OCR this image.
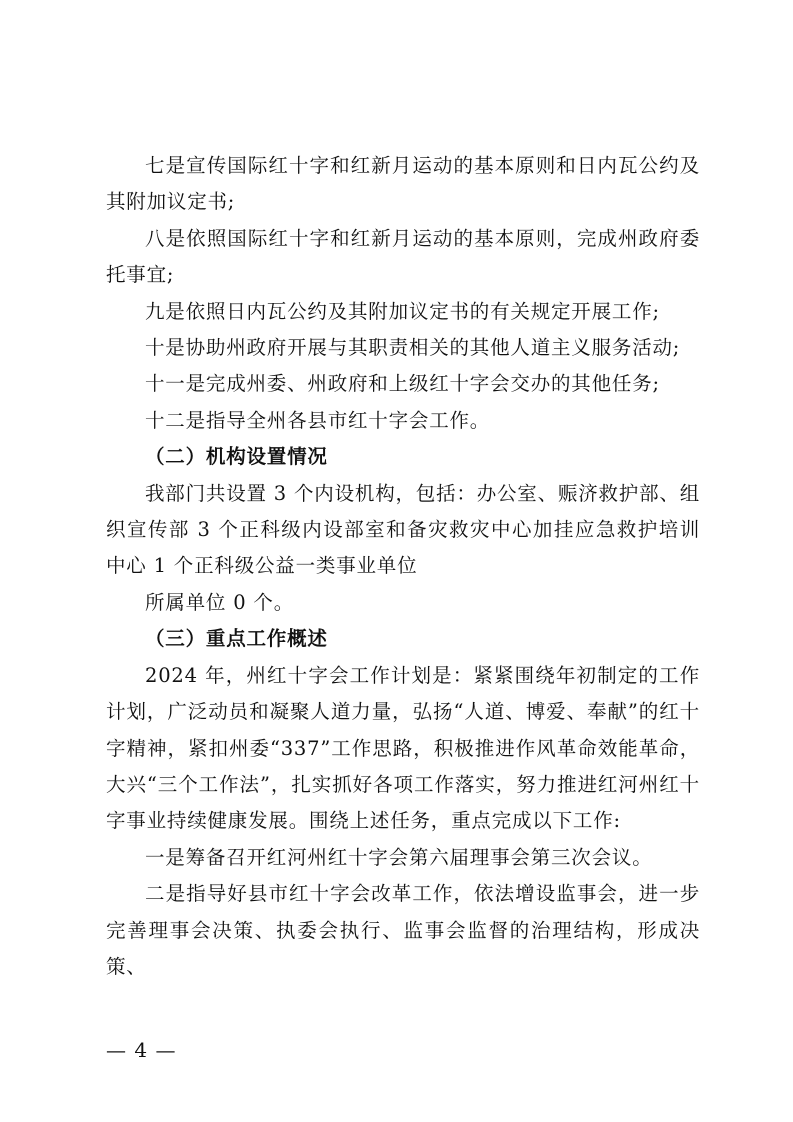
七是宣传国际红十字和红新月运动的基本原则和日内瓦公约及其附加议定书;

八是依照国际红十字和红新月运动的基本原则，完成州政府委托事宜;

九是依照日内瓦公约及其附加议定书的有关规定开展工作;

十是协助州政府开展与其职责相关的其他人道主义服务活动;

十一是完成州委、州政府和上级红十字会交办的其他任务;

十二是指导全州各县市红十字会工作。

（二）机构设置情况

我部门共设置 3 个内设机构，包括：办公室、赈济救护部、组织宣传部 3 个正科级内设部室和备灾救灾中心加挂应急救护培训中心 1 个正科级公益一类事业单位

所属单位 0 个。

（三）重点工作概述

2024 年，州红十字会工作计划是：紧紧围绕年初制定的工作计划，广泛动员和凝聚人道力量，弘扬“人道、博爱、奉献”的红十字精神，紧扣州委“337”工作思路，积极推进作风革命效能革命，大兴“三个工作法”，扎实抓好各项工作落实，努力推进红河州红十字事业持续健康发展。围绕上述任务，重点完成以下工作:

一是筹备召开红河州红十字会第六届理事会第三次会议。

二是指导好县市红十字会改革工作，依法增设监事会，进一步完善理事会决策、执委会执行、监事会监督的治理结构，形成决策、

— 4 —
